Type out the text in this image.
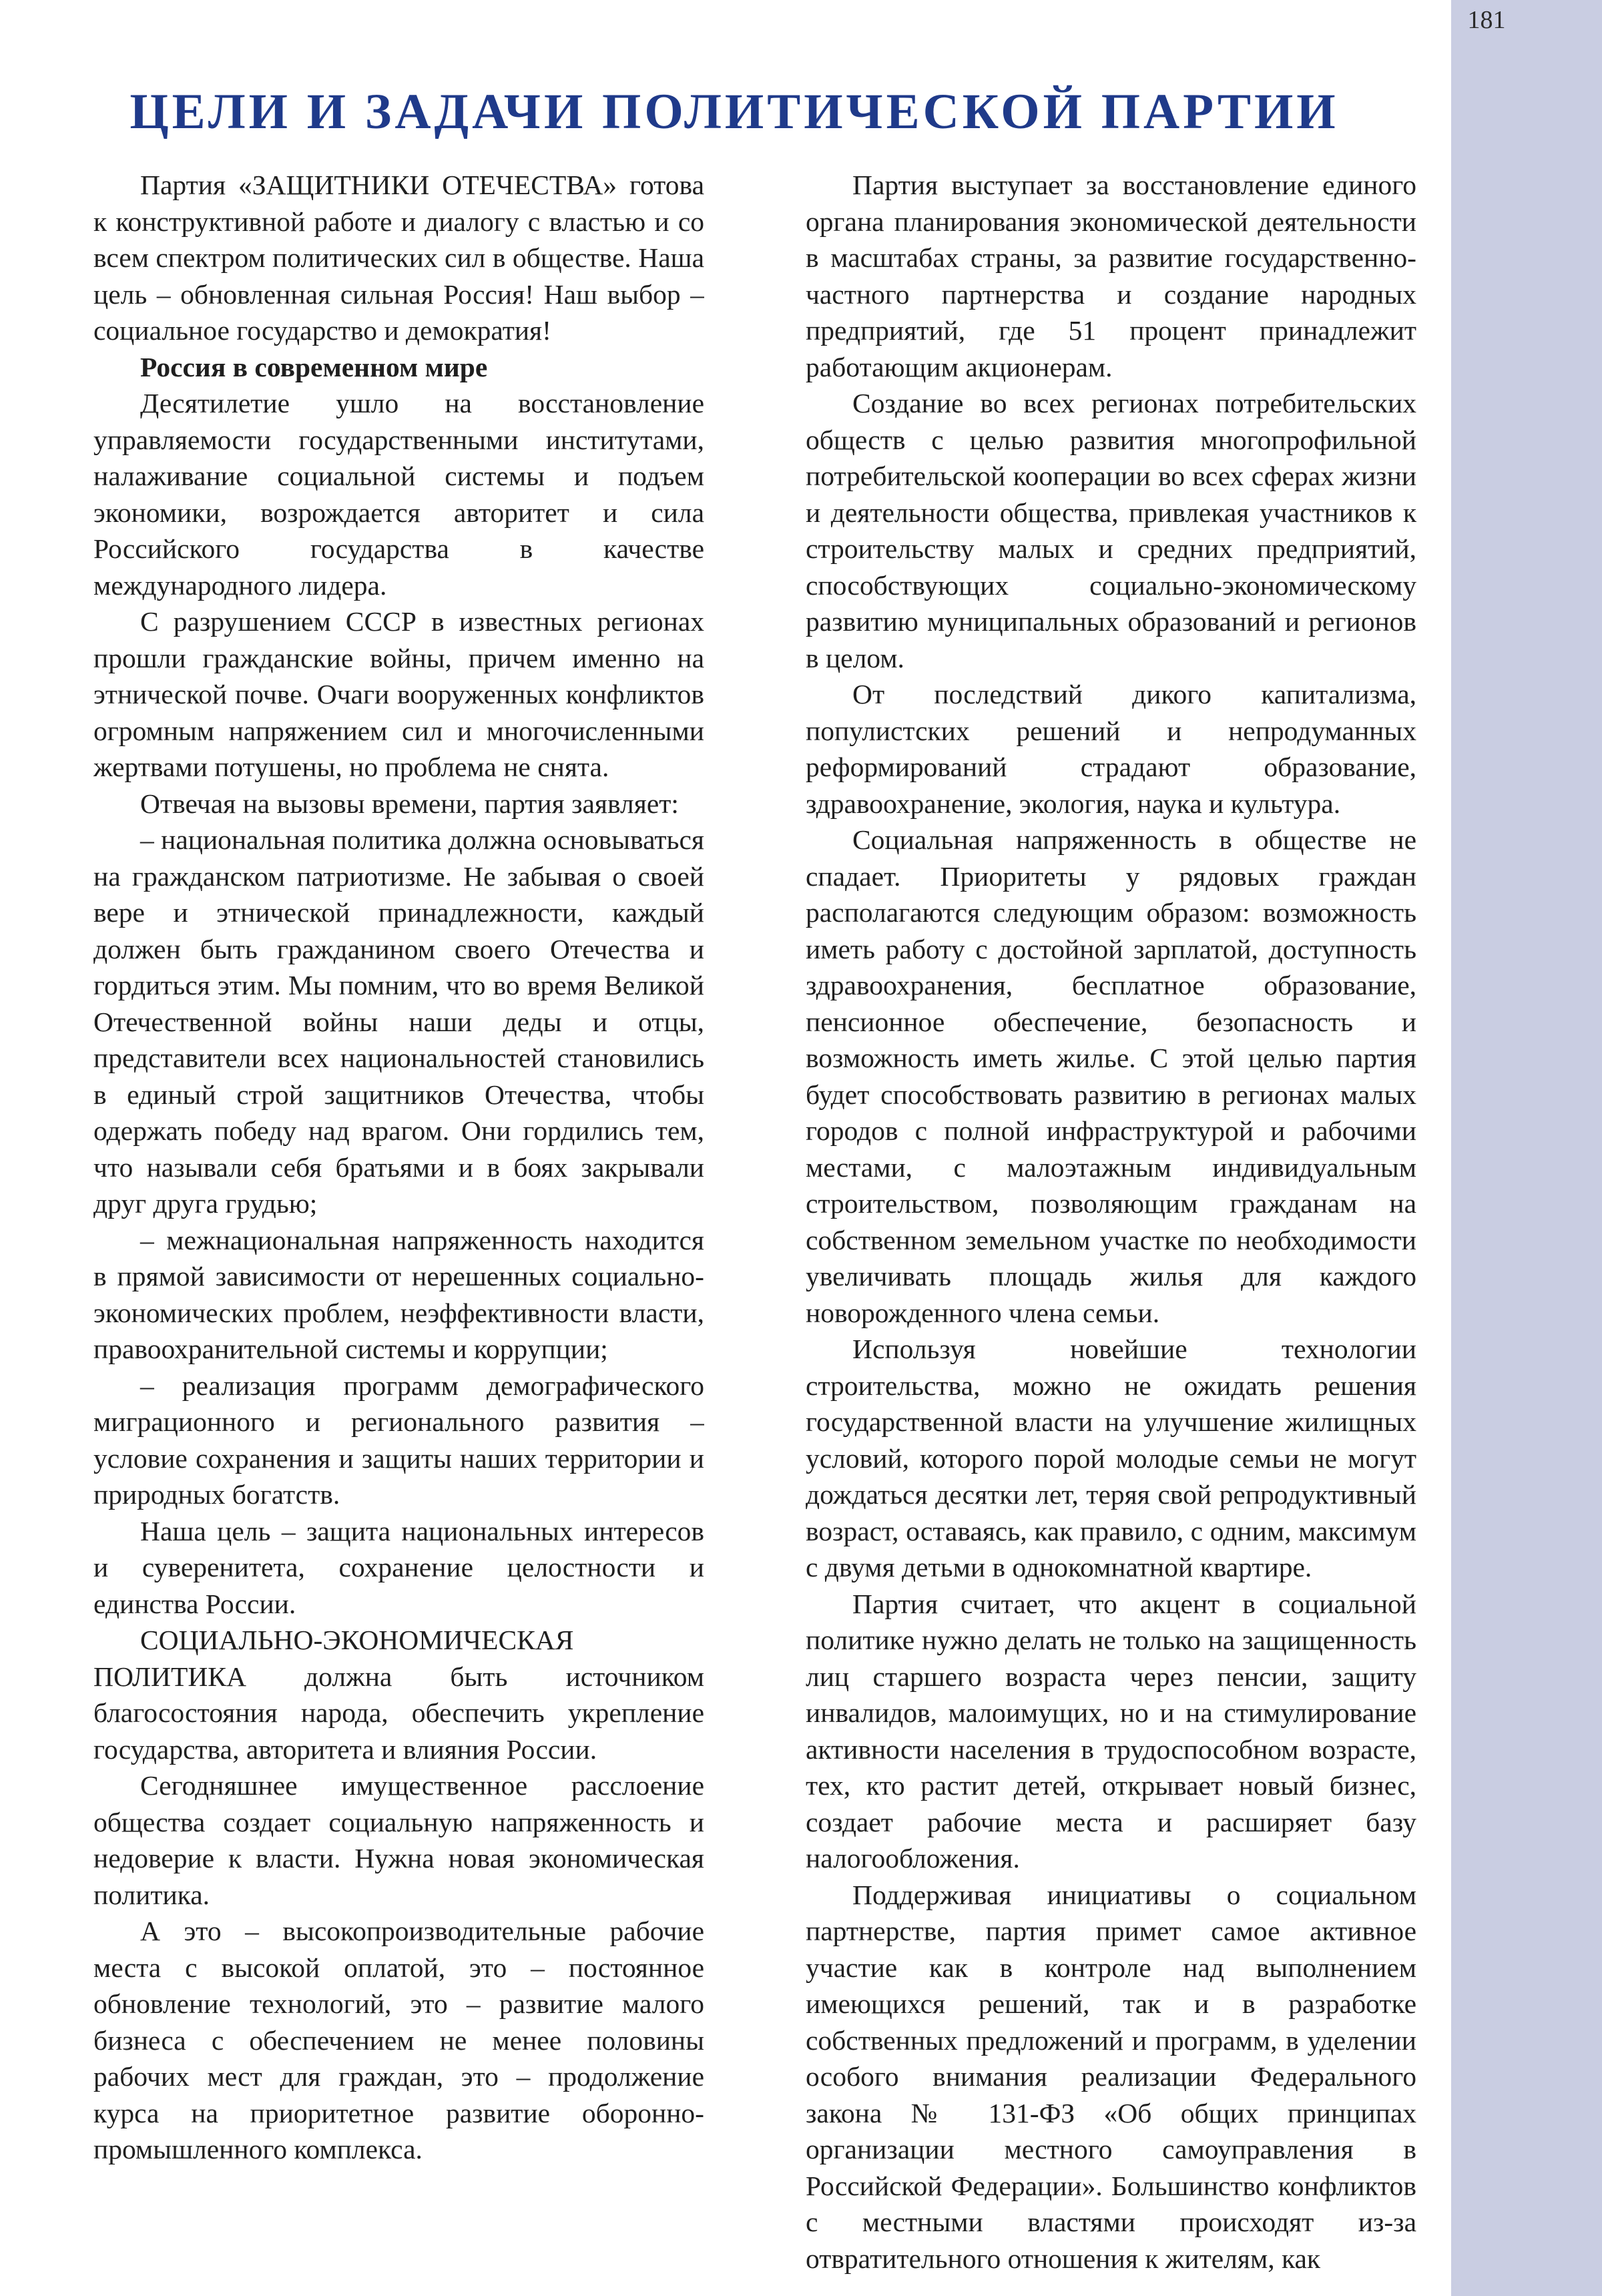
181
ЦЕЛИ И ЗАДАЧИ ПОЛИТИЧЕСКОЙ ПАРТИИ

Партия «ЗАЩИТНИКИ ОТЕЧЕСТВА» готова к конструктивной работе и диалогу с властью и со всем спектром политических сил в обществе. Наша цель – обновленная сильная Россия! Наш выбор – социальное государство и демократия!

Россия в современном мире

Десятилетие ушло на восстановление управляемости государственными институтами, налаживание социальной системы и подъем экономики, возрождается авторитет и сила Российского государства в качестве международного лидера.

С разрушением СССР в известных регионах прошли гражданские войны, причем именно на этнической почве. Очаги вооруженных конфликтов огромным напряжением сил и многочисленными жертвами потушены, но проблема не снята.

Отвечая на вызовы времени, партия заявляет:

– национальная политика должна основываться на гражданском патриотизме. Не забывая о своей вере и этнической принадлежности, каждый должен быть гражданином своего Отечества и гордиться этим. Мы помним, что во время Великой Отечественной войны наши деды и отцы, представители всех национальностей становились в единый строй защитников Отечества, чтобы одержать победу над врагом. Они гордились тем, что называли себя братьями и в боях закрывали друг друга грудью;

– межнациональная напряженность находится в прямой зависимости от нерешенных социально-экономических проблем, неэффективности власти, правоохранительной системы и коррупции;

– реализация программ демографического миграционного и регионального развития – условие сохранения и защиты наших территории и природных богатств.

Наша цель – защита национальных интересов и суверенитета, сохранение целостности и единства России.

СОЦИАЛЬНО-ЭКОНОМИЧЕСКАЯ ПОЛИТИКА должна быть источником благосостояния народа, обеспечить укрепление государства, авторитета и влияния России.

Сегодняшнее имущественное расслоение общества создает социальную напряженность и недоверие к власти. Нужна новая экономическая политика.

А это – высокопроизводительные рабочие места с высокой оплатой, это – постоянное обновление технологий, это – развитие малого бизнеса с обеспечением не менее половины рабочих мест для граждан, это – продолжение курса на приоритетное развитие оборонно-промышленного комплекса.

Партия выступает за восстановление единого органа планирования экономической деятельности в масштабах страны, за развитие государственно-частного партнерства и создание народных предприятий, где 51 процент принадлежит работающим акционерам.

Создание во всех регионах потребительских обществ с целью развития многопрофильной потребительской кооперации во всех сферах жизни и деятельности общества, привлекая участников к строительству малых и средних предприятий, способствующих социально-экономическому развитию муниципальных образований и регионов в целом.

От последствий дикого капитализма, популистских решений и непродуманных реформирований страдают образование, здравоохранение, экология, наука и культура.

Социальная напряженность в обществе не спадает. Приоритеты у рядовых граждан располагаются следующим образом: возможность иметь работу с достойной зарплатой, доступность здравоохранения, бесплатное образование, пенсионное обеспечение, безопасность и возможность иметь жилье. С этой целью партия будет способствовать развитию в регионах малых городов с полной инфраструктурой и рабочими местами, с малоэтажным индивидуальным строительством, позволяющим гражданам на собственном земельном участке по необходимости увеличивать площадь жилья для каждого новорожденного члена семьи.

Используя новейшие технологии строительства, можно не ожидать решения государственной власти на улучшение жилищных условий, которого порой молодые семьи не могут дождаться десятки лет, теряя свой репродуктивный возраст, оставаясь, как правило, с одним, максимум с двумя детьми в однокомнатной квартире.

Партия считает, что акцент в социальной политике нужно делать не только на защищенность лиц старшего возраста через пенсии, защиту инвалидов, малоимущих, но и на стимулирование активности населения в трудоспособном возрасте, тех, кто растит детей, открывает новый бизнес, создает рабочие места и расширяет базу налогообложения.

Поддерживая инициативы о социальном партнерстве, партия примет самое активное участие как в контроле над выполнением имеющихся решений, так и в разработке собственных предложений и программ, в уделении особого внимания реализации Федерального закона № 131-ФЗ «Об общих принципах организации местного самоуправления в Российской Федерации». Большинство конфликтов с местными властями происходят из-за отвратительного отношения к жителям, как
